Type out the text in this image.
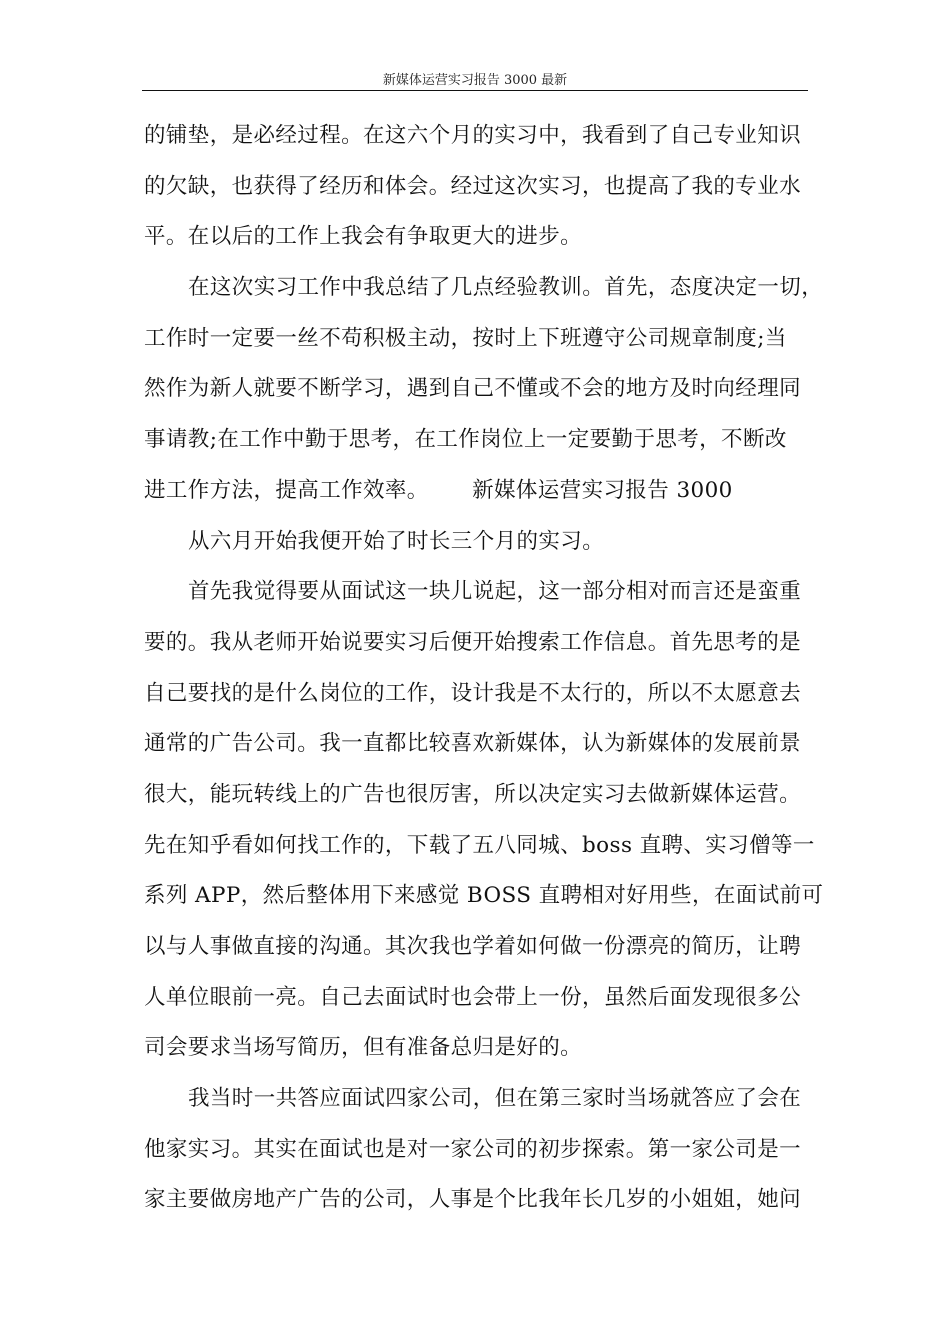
新媒体运营实习报告 3000 最新
的铺垫，是必经过程。在这六个月的实习中，我看到了自己专业知识
的欠缺，也获得了经历和体会。经过这次实习，也提高了我的专业水
平。在以后的工作上我会有争取更大的进步。
在这次实习工作中我总结了几点经验教训。首先，态度决定一切，
工作时一定要一丝不苟积极主动，按时上下班遵守公司规章制度;当
然作为新人就要不断学习，遇到自己不懂或不会的地方及时向经理同
事请教;在工作中勤于思考，在工作岗位上一定要勤于思考，不断改
进工作方法，提高工作效率。      新媒体运营实习报告 3000
从六月开始我便开始了时长三个月的实习。
首先我觉得要从面试这一块儿说起，这一部分相对而言还是蛮重
要的。我从老师开始说要实习后便开始搜索工作信息。首先思考的是
自己要找的是什么岗位的工作，设计我是不太行的，所以不太愿意去
通常的广告公司。我一直都比较喜欢新媒体，认为新媒体的发展前景
很大，能玩转线上的广告也很厉害，所以决定实习去做新媒体运营。
先在知乎看如何找工作的，下载了五八同城、boss 直聘、实习僧等一
系列 APP，然后整体用下来感觉 BOSS 直聘相对好用些，在面试前可
以与人事做直接的沟通。其次我也学着如何做一份漂亮的简历，让聘
人单位眼前一亮。自己去面试时也会带上一份，虽然后面发现很多公
司会要求当场写简历，但有准备总归是好的。
我当时一共答应面试四家公司，但在第三家时当场就答应了会在
他家实习。其实在面试也是对一家公司的初步探索。第一家公司是一
家主要做房地产广告的公司，人事是个比我年长几岁的小姐姐，她问
